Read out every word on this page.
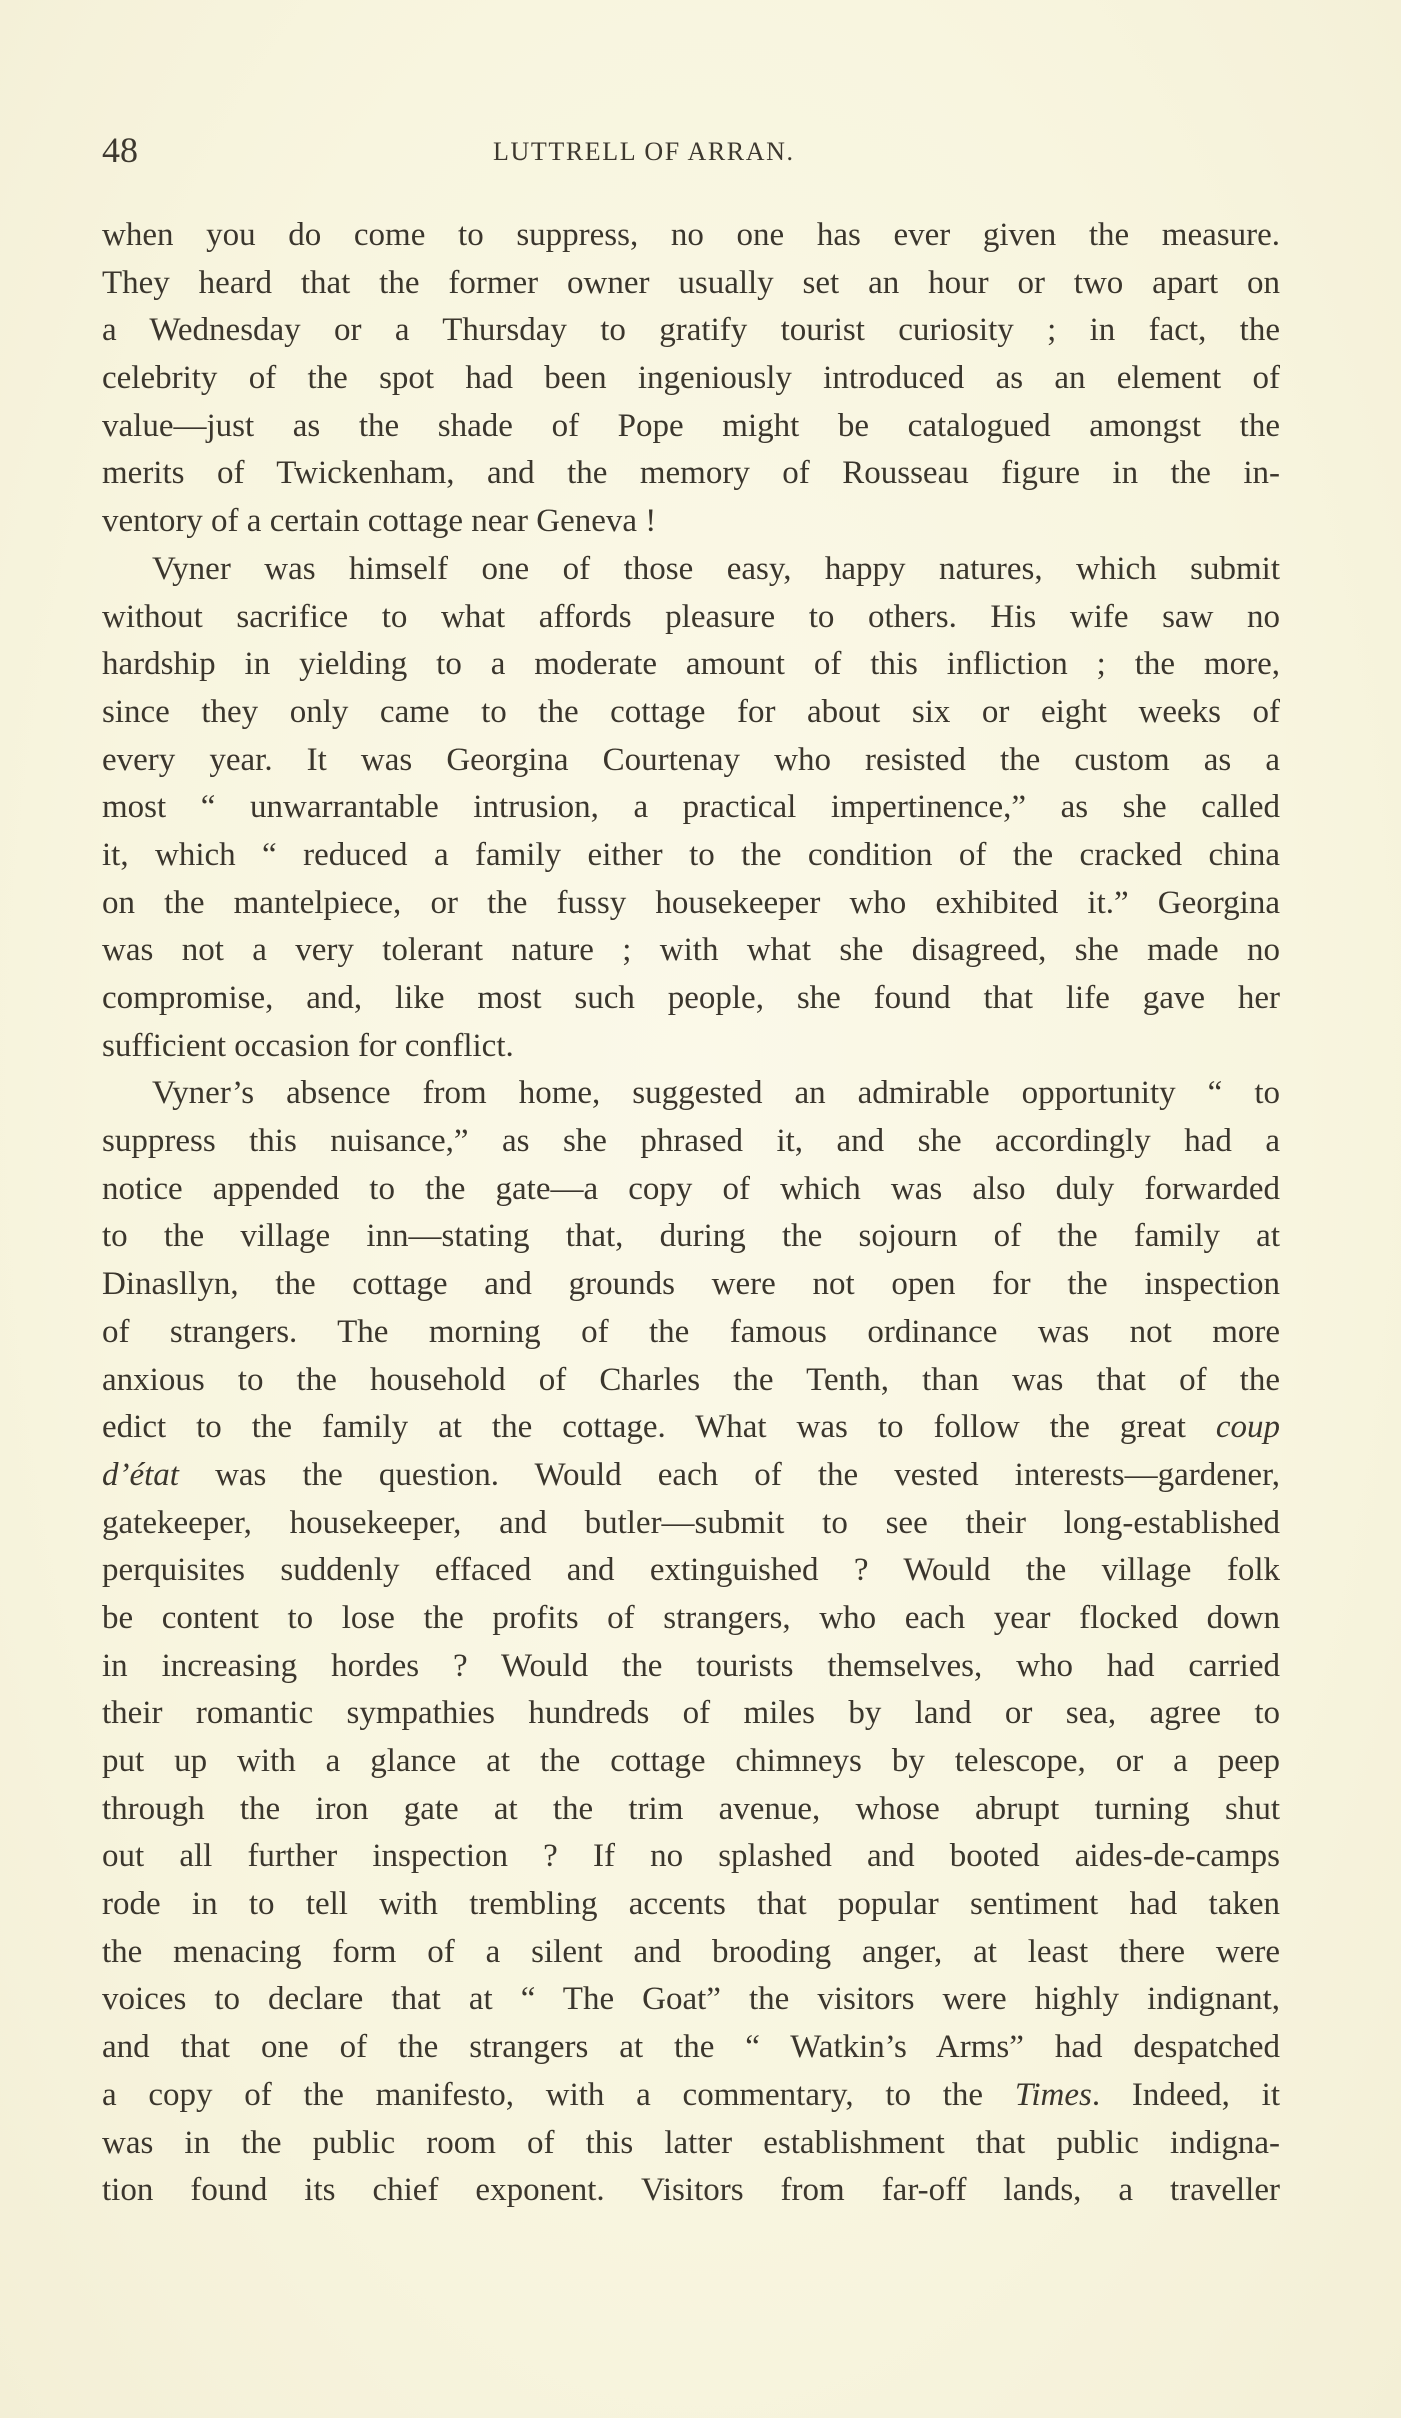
48	LUTTRELL OF ARRAN.
when you do come to suppress, no one has ever given the measure.
They heard that the former owner usually set an hour or two apart on
a Wednesday or a Thursday to gratify tourist curiosity ; in fact, the
celebrity of the spot had been ingeniously introduced as an element of
value—just as the shade of Pope might be catalogued amongst the
merits of Twickenham, and the memory of Rousseau figure in the in-
ventory of a certain cottage near Geneva !
Vyner was himself one of those easy, happy natures, which submit
without sacrifice to what affords pleasure to others. His wife saw no
hardship in yielding to a moderate amount of this infliction ; the more,
since they only came to the cottage for about six or eight weeks of
every year. It was Georgina Courtenay who resisted the custom as a
most “ unwarrantable intrusion, a practical impertinence,” as she called
it, which “ reduced a family either to the condition of the cracked china
on the mantelpiece, or the fussy housekeeper who exhibited it.” Georgina
was not a very tolerant nature ; with what she disagreed, she made no
compromise, and, like most such people, she found that life gave her
sufficient occasion for conflict.
Vyner’s absence from home, suggested an admirable opportunity “ to
suppress this nuisance,” as she phrased it, and she accordingly had a
notice appended to the gate—a copy of which was also duly forwarded
to the village inn—stating that, during the sojourn of the family at
Dinasllyn, the cottage and grounds were not open for the inspection
of strangers. The morning of the famous ordinance was not more
anxious to the household of Charles the Tenth, than was that of the
edict to the family at the cottage. What was to follow the great coup
d’état was the question. Would each of the vested interests—gardener,
gatekeeper, housekeeper, and butler—submit to see their long-established
perquisites suddenly effaced and extinguished ? Would the village folk
be content to lose the profits of strangers, who each year flocked down
in increasing hordes ? Would the tourists themselves, who had carried
their romantic sympathies hundreds of miles by land or sea, agree to
put up with a glance at the cottage chimneys by telescope, or a peep
through the iron gate at the trim avenue, whose abrupt turning shut
out all further inspection ? If no splashed and booted aides-de-camps
rode in to tell with trembling accents that popular sentiment had taken
the menacing form of a silent and brooding anger, at least there were
voices to declare that at “ The Goat” the visitors were highly indignant,
and that one of the strangers at the “ Watkin’s Arms” had despatched
a copy of the manifesto, with a commentary, to the Times. Indeed, it
was in the public room of this latter establishment that public indigna-
tion found its chief exponent. Visitors from far-off lands, a traveller
